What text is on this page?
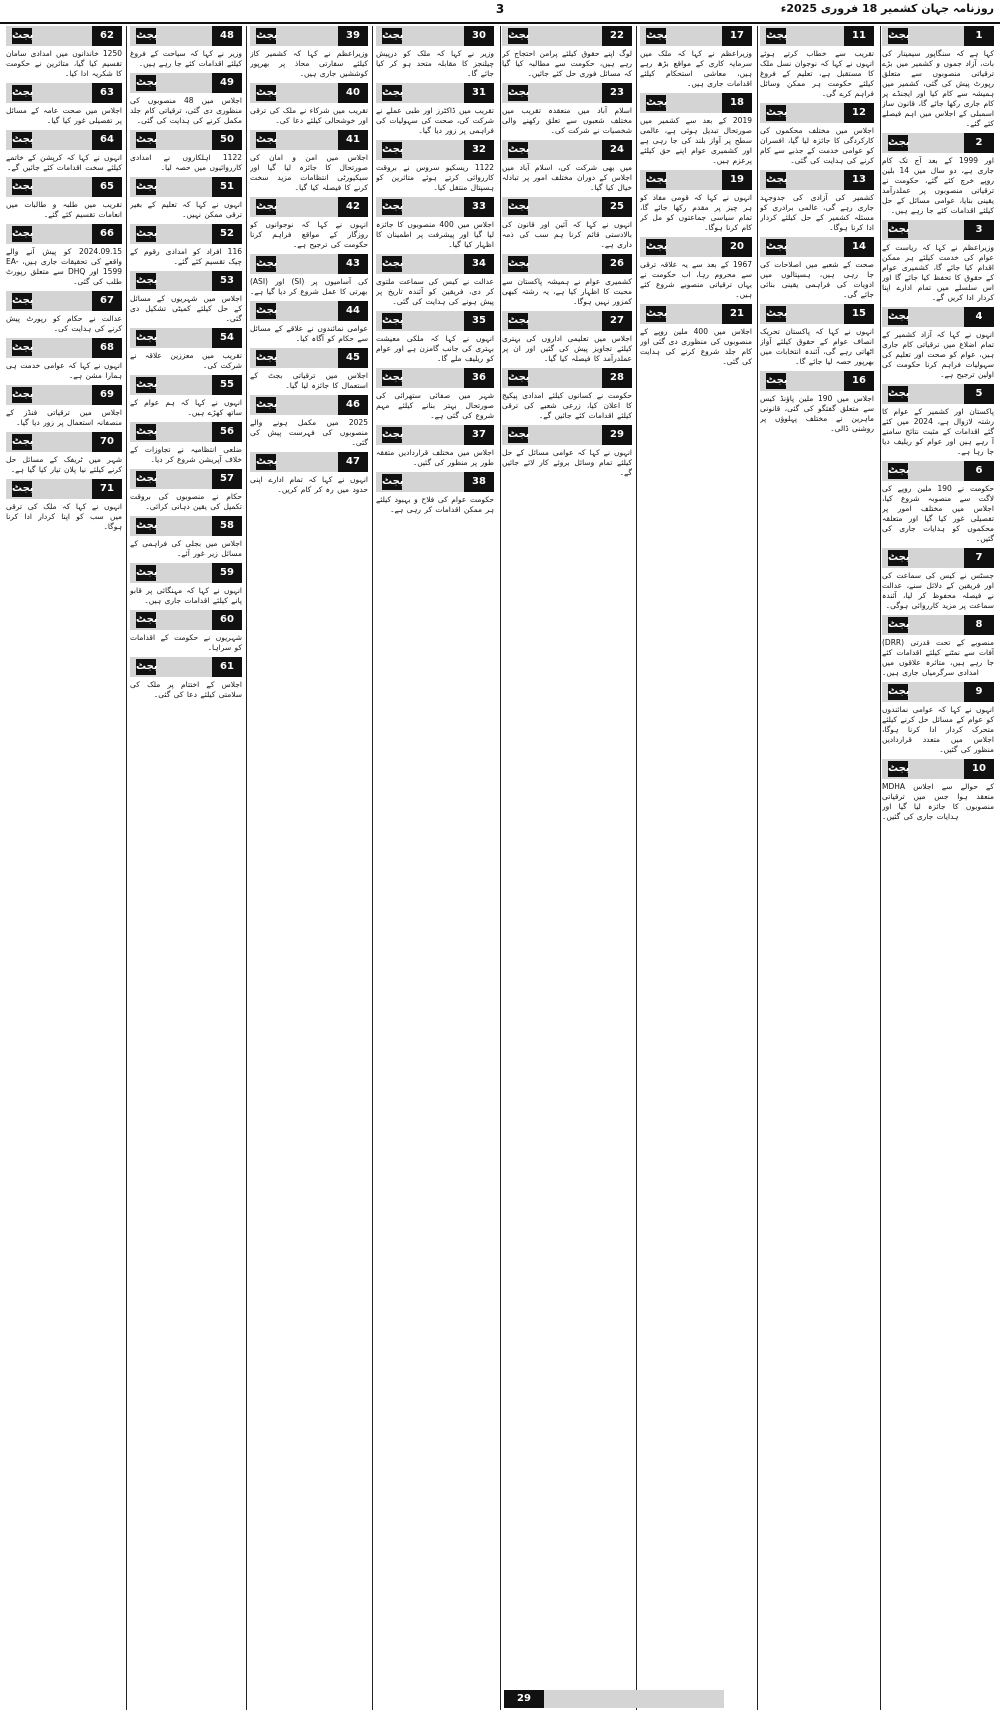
3	روزنامہ جہان کشمیر 18 فروری 2025ء
1
بجٹ
کہا ہے کہ سنگاپور سیمینار کی بات، آزاد جموں و کشمیر میں بڑے ترقیاتی منصوبوں سے متعلق رپورٹ پیش کی گئی، کشمیر میں ہمیشہ سے کام کیا اور ایجنڈے پر کام جاری رکھا جائے گا، قانون ساز اسمبلی کے اجلاس میں اہم فیصلے کئے گئے۔
2
بجٹ
اور 1999 کے بعد آج تک کام جاری ہے، دو سال میں 14 بلین روپے خرچ کئے گئے، حکومت نے ترقیاتی منصوبوں پر عملدرآمد یقینی بنایا، عوامی مسائل کے حل کیلئے اقدامات کئے جا رہے ہیں۔
3
بجٹ
وزیراعظم نے کہا کہ ریاست کے عوام کی خدمت کیلئے ہر ممکن اقدام کیا جائے گا، کشمیری عوام کے حقوق کا تحفظ کیا جائے گا اور اس سلسلے میں تمام ادارے اپنا کردار ادا کریں گے۔
4
بجٹ
انہوں نے کہا کہ آزاد کشمیر کے تمام اضلاع میں ترقیاتی کام جاری ہیں، عوام کو صحت اور تعلیم کی سہولیات فراہم کرنا حکومت کی اولین ترجیح ہے۔
5
بجٹ
پاکستان اور کشمیر کے عوام کا رشتہ لازوال ہے، 2024 میں کئے گئے اقدامات کے مثبت نتائج سامنے آ رہے ہیں اور عوام کو ریلیف دیا جا رہا ہے۔
6
بجٹ
حکومت نے 190 ملین روپے کی لاگت سے منصوبہ شروع کیا، اجلاس میں مختلف امور پر تفصیلی غور کیا گیا اور متعلقہ محکموں کو ہدایات جاری کی گئیں۔
7
بجٹ
جسٹس نے کیس کی سماعت کی اور فریقین کے دلائل سنے، عدالت نے فیصلہ محفوظ کر لیا، آئندہ سماعت پر مزید کارروائی ہوگی۔
8
بجٹ
(DRR) منصوبے کے تحت قدرتی آفات سے نمٹنے کیلئے اقدامات کئے جا رہے ہیں، متاثرہ علاقوں میں امدادی سرگرمیاں جاری ہیں۔
9
بجٹ
انہوں نے کہا کہ عوامی نمائندوں کو عوام کے مسائل حل کرنے کیلئے متحرک کردار ادا کرنا ہوگا، اجلاس میں متعدد قراردادیں منظور کی گئیں۔
10
بجٹ
MDHA کے حوالے سے اجلاس منعقد ہوا جس میں ترقیاتی منصوبوں کا جائزہ لیا گیا اور ہدایات جاری کی گئیں۔
11
بجٹ
تقریب سے خطاب کرتے ہوئے انہوں نے کہا کہ نوجوان نسل ملک کا مستقبل ہے، تعلیم کے فروغ کیلئے حکومت ہر ممکن وسائل فراہم کرے گی۔
12
بجٹ
اجلاس میں مختلف محکموں کی کارکردگی کا جائزہ لیا گیا، افسران کو عوامی خدمت کے جذبے سے کام کرنے کی ہدایت کی گئی۔
13
بجٹ
کشمیر کی آزادی کی جدوجہد جاری رہے گی، عالمی برادری کو مسئلہ کشمیر کے حل کیلئے کردار ادا کرنا ہوگا۔
14
بجٹ
صحت کے شعبے میں اصلاحات کی جا رہی ہیں، ہسپتالوں میں ادویات کی فراہمی یقینی بنائی جائے گی۔
15
بجٹ
انہوں نے کہا کہ پاکستان تحریک انصاف عوام کے حقوق کیلئے آواز اٹھاتی رہے گی، آئندہ انتخابات میں بھرپور حصہ لیا جائے گا۔
16
بجٹ
اجلاس میں 190 ملین پاؤنڈ کیس سے متعلق گفتگو کی گئی، قانونی ماہرین نے مختلف پہلوؤں پر روشنی ڈالی۔
17
بجٹ
وزیراعظم نے کہا کہ ملک میں سرمایہ کاری کے مواقع بڑھ رہے ہیں، معاشی استحکام کیلئے اقدامات جاری ہیں۔
18
بجٹ
2019 کے بعد سے کشمیر میں صورتحال تبدیل ہوئی ہے، عالمی سطح پر آواز بلند کی جا رہی ہے اور کشمیری عوام اپنے حق کیلئے پرعزم ہیں۔
19
بجٹ
انہوں نے کہا کہ قومی مفاد کو ہر چیز پر مقدم رکھا جائے گا، تمام سیاسی جماعتوں کو مل کر کام کرنا ہوگا۔
20
بجٹ
1967 کے بعد سے یہ علاقہ ترقی سے محروم رہا، اب حکومت نے یہاں ترقیاتی منصوبے شروع کئے ہیں۔
21
بجٹ
اجلاس میں 400 ملین روپے کے منصوبوں کی منظوری دی گئی اور کام جلد شروع کرنے کی ہدایت کی گئی۔
22
بجٹ
لوگ اپنے حقوق کیلئے پرامن احتجاج کر رہے ہیں، حکومت سے مطالبہ کیا گیا کہ مسائل فوری حل کئے جائیں۔
23
بجٹ
اسلام آباد میں منعقدہ تقریب میں مختلف شعبوں سے تعلق رکھنے والی شخصیات نے شرکت کی۔
24
بجٹ
میں بھی شرکت کی، اسلام آباد میں اجلاس کے دوران مختلف امور پر تبادلہ خیال کیا گیا۔
25
بجٹ
انہوں نے کہا کہ آئین اور قانون کی بالادستی قائم کرنا ہم سب کی ذمہ داری ہے۔
26
بجٹ
کشمیری عوام نے ہمیشہ پاکستان سے محبت کا اظہار کیا ہے، یہ رشتہ کبھی کمزور نہیں ہوگا۔
27
بجٹ
اجلاس میں تعلیمی اداروں کی بہتری کیلئے تجاویز پیش کی گئیں اور ان پر عملدرآمد کا فیصلہ کیا گیا۔
28
بجٹ
حکومت نے کسانوں کیلئے امدادی پیکیج کا اعلان کیا، زرعی شعبے کی ترقی کیلئے اقدامات کئے جائیں گے۔
29
بجٹ
انہوں نے کہا کہ عوامی مسائل کے حل کیلئے تمام وسائل بروئے کار لائے جائیں گے۔
30
بجٹ
وزیر نے کہا کہ ملک کو درپیش چیلنجز کا مقابلہ متحد ہو کر کیا جائے گا۔
31
بجٹ
تقریب میں ڈاکٹرز اور طبی عملے نے شرکت کی، صحت کی سہولیات کی فراہمی پر زور دیا گیا۔
32
بجٹ
1122 ریسکیو سروس نے بروقت کارروائی کرتے ہوئے متاثرین کو ہسپتال منتقل کیا۔
33
بجٹ
اجلاس میں 400 منصوبوں کا جائزہ لیا گیا اور پیشرفت پر اطمینان کا اظہار کیا گیا۔
34
بجٹ
عدالت نے کیس کی سماعت ملتوی کر دی، فریقین کو آئندہ تاریخ پر پیش ہونے کی ہدایت کی گئی۔
35
بجٹ
انہوں نے کہا کہ ملکی معیشت بہتری کی جانب گامزن ہے اور عوام کو ریلیف ملے گا۔
36
بجٹ
شہر میں صفائی ستھرائی کی صورتحال بہتر بنانے کیلئے مہم شروع کی گئی ہے۔
37
بجٹ
اجلاس میں مختلف قراردادیں متفقہ طور پر منظور کی گئیں۔
38
بجٹ
حکومت عوام کی فلاح و بہبود کیلئے ہر ممکن اقدامات کر رہی ہے۔
39
بجٹ
وزیراعظم نے کہا کہ کشمیر کاز کیلئے سفارتی محاذ پر بھرپور کوششیں جاری ہیں۔
40
بجٹ
تقریب میں شرکاء نے ملک کی ترقی اور خوشحالی کیلئے دعا کی۔
41
بجٹ
اجلاس میں امن و امان کی صورتحال کا جائزہ لیا گیا اور سیکیورٹی انتظامات مزید سخت کرنے کا فیصلہ کیا گیا۔
42
بجٹ
انہوں نے کہا کہ نوجوانوں کو روزگار کے مواقع فراہم کرنا حکومت کی ترجیح ہے۔
43
بجٹ
(ASI) اور (SI) کی آسامیوں پر بھرتی کا عمل شروع کر دیا گیا ہے۔
44
بجٹ
عوامی نمائندوں نے علاقے کے مسائل سے حکام کو آگاہ کیا۔
45
بجٹ
اجلاس میں ترقیاتی بجٹ کے استعمال کا جائزہ لیا گیا۔
46
بجٹ
2025 میں مکمل ہونے والے منصوبوں کی فہرست پیش کی گئی۔
47
بجٹ
انہوں نے کہا کہ تمام ادارے اپنی حدود میں رہ کر کام کریں۔
48
بجٹ
وزیر نے کہا کہ سیاحت کے فروغ کیلئے اقدامات کئے جا رہے ہیں۔
49
بجٹ
اجلاس میں 48 منصوبوں کی منظوری دی گئی، ترقیاتی کام جلد مکمل کرنے کی ہدایت کی گئی۔
50
بجٹ
1122 اہلکاروں نے امدادی کارروائیوں میں حصہ لیا۔
51
بجٹ
انہوں نے کہا کہ تعلیم کے بغیر ترقی ممکن نہیں۔
52
بجٹ
116 افراد کو امدادی رقوم کے چیک تقسیم کئے گئے۔
53
بجٹ
اجلاس میں شہریوں کے مسائل کے حل کیلئے کمیٹی تشکیل دی گئی۔
54
بجٹ
تقریب میں معززین علاقہ نے شرکت کی۔
55
بجٹ
انہوں نے کہا کہ ہم عوام کے ساتھ کھڑے ہیں۔
56
بجٹ
ضلعی انتظامیہ نے تجاوزات کے خلاف آپریشن شروع کر دیا۔
57
بجٹ
حکام نے منصوبوں کی بروقت تکمیل کی یقین دہانی کرائی۔
58
بجٹ
اجلاس میں بجلی کی فراہمی کے مسائل زیر غور آئے۔
59
بجٹ
انہوں نے کہا کہ مہنگائی پر قابو پانے کیلئے اقدامات جاری ہیں۔
60
بجٹ
شہریوں نے حکومت کے اقدامات کو سراہا۔
61
بجٹ
اجلاس کے اختتام پر ملک کی سلامتی کیلئے دعا کی گئی۔
62
بجٹ
1250 خاندانوں میں امدادی سامان تقسیم کیا گیا، متاثرین نے حکومت کا شکریہ ادا کیا۔
63
بجٹ
اجلاس میں صحت عامہ کے مسائل پر تفصیلی غور کیا گیا۔
64
بجٹ
انہوں نے کہا کہ کرپشن کے خاتمے کیلئے سخت اقدامات کئے جائیں گے۔
65
بجٹ
تقریب میں طلبہ و طالبات میں انعامات تقسیم کئے گئے۔
66
بجٹ
2024.09.15 کو پیش آنے والے واقعے کی تحقیقات جاری ہیں، EA-1599 اور DHQ سے متعلق رپورٹ طلب کی گئی۔
67
بجٹ
عدالت نے حکام کو رپورٹ پیش کرنے کی ہدایت کی۔
68
بجٹ
انہوں نے کہا کہ عوامی خدمت ہی ہمارا مشن ہے۔
69
بجٹ
اجلاس میں ترقیاتی فنڈز کے منصفانہ استعمال پر زور دیا گیا۔
70
بجٹ
شہر میں ٹریفک کے مسائل حل کرنے کیلئے نیا پلان تیار کیا گیا ہے۔
71
بجٹ
انہوں نے کہا کہ ملک کی ترقی میں سب کو اپنا کردار ادا کرنا ہوگا۔
29
